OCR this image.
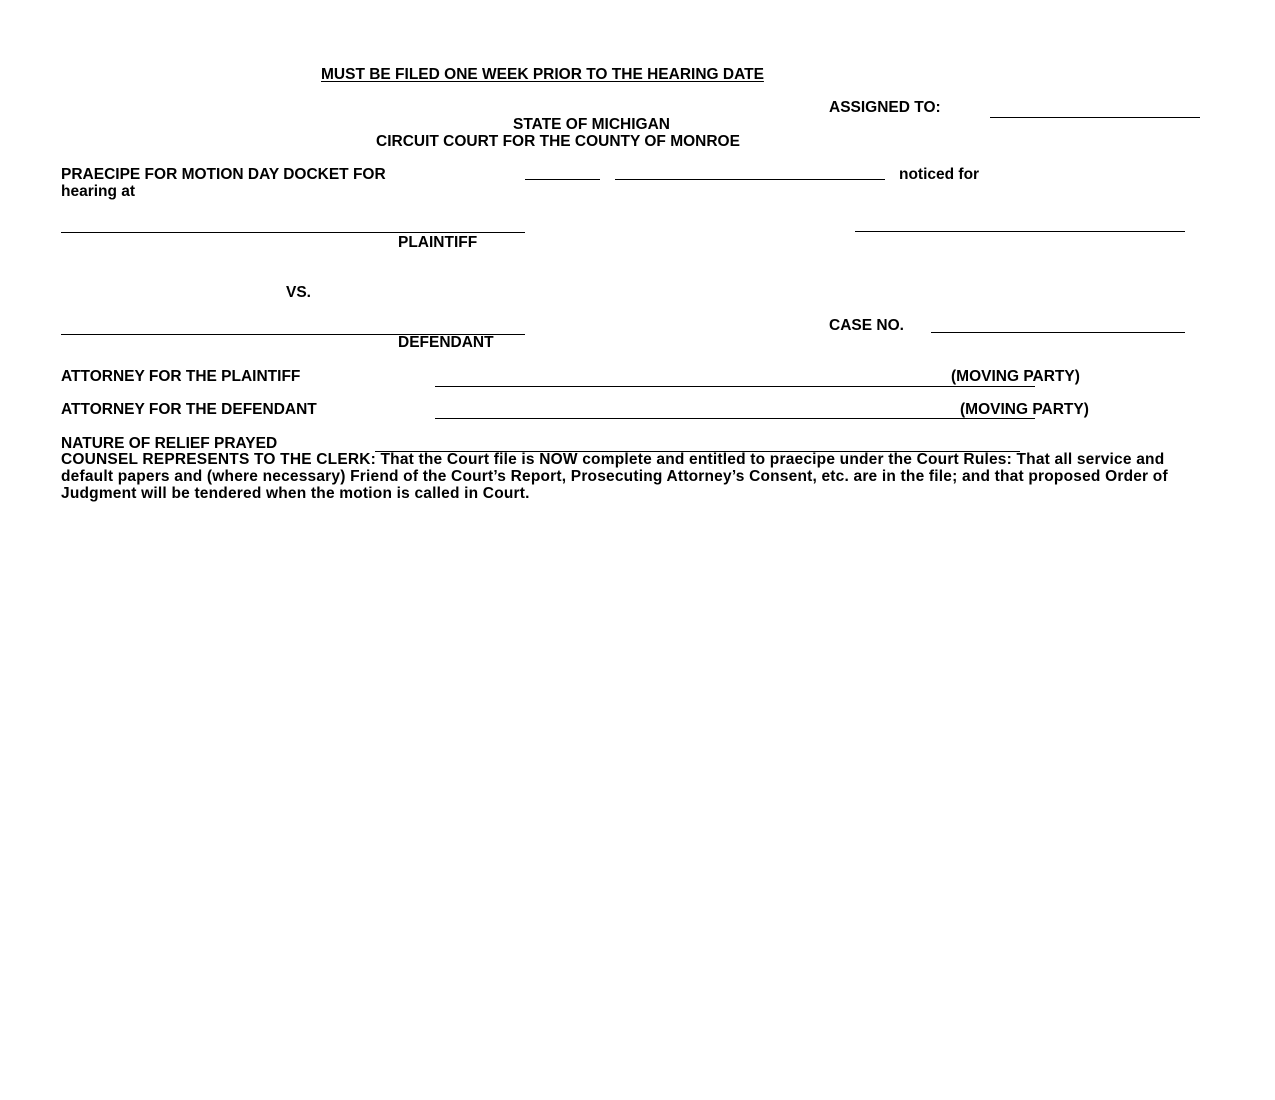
MUST BE FILED ONE WEEK PRIOR TO THE HEARING DATE
ASSIGNED TO:
STATE OF MICHIGAN
CIRCUIT COURT FOR THE COUNTY OF MONROE
PRAECIPE FOR MOTION DAY DOCKET FOR	noticed for
hearing at
PLAINTIFF
VS.
DEFENDANT
CASE NO.
ATTORNEY FOR THE PLAINTIFF	(MOVING PARTY)
ATTORNEY FOR THE DEFENDANT	(MOVING PARTY)
NATURE OF RELIEF PRAYED
COUNSEL REPRESENTS TO THE CLERK: That the Court file is NOW complete and entitled to praecipe under the Court Rules: That all service and default papers and (where necessary) Friend of the Court’s Report, Prosecuting Attorney’s Consent, etc. are in the file; and that proposed Order of Judgment will be tendered when the motion is called in Court.
